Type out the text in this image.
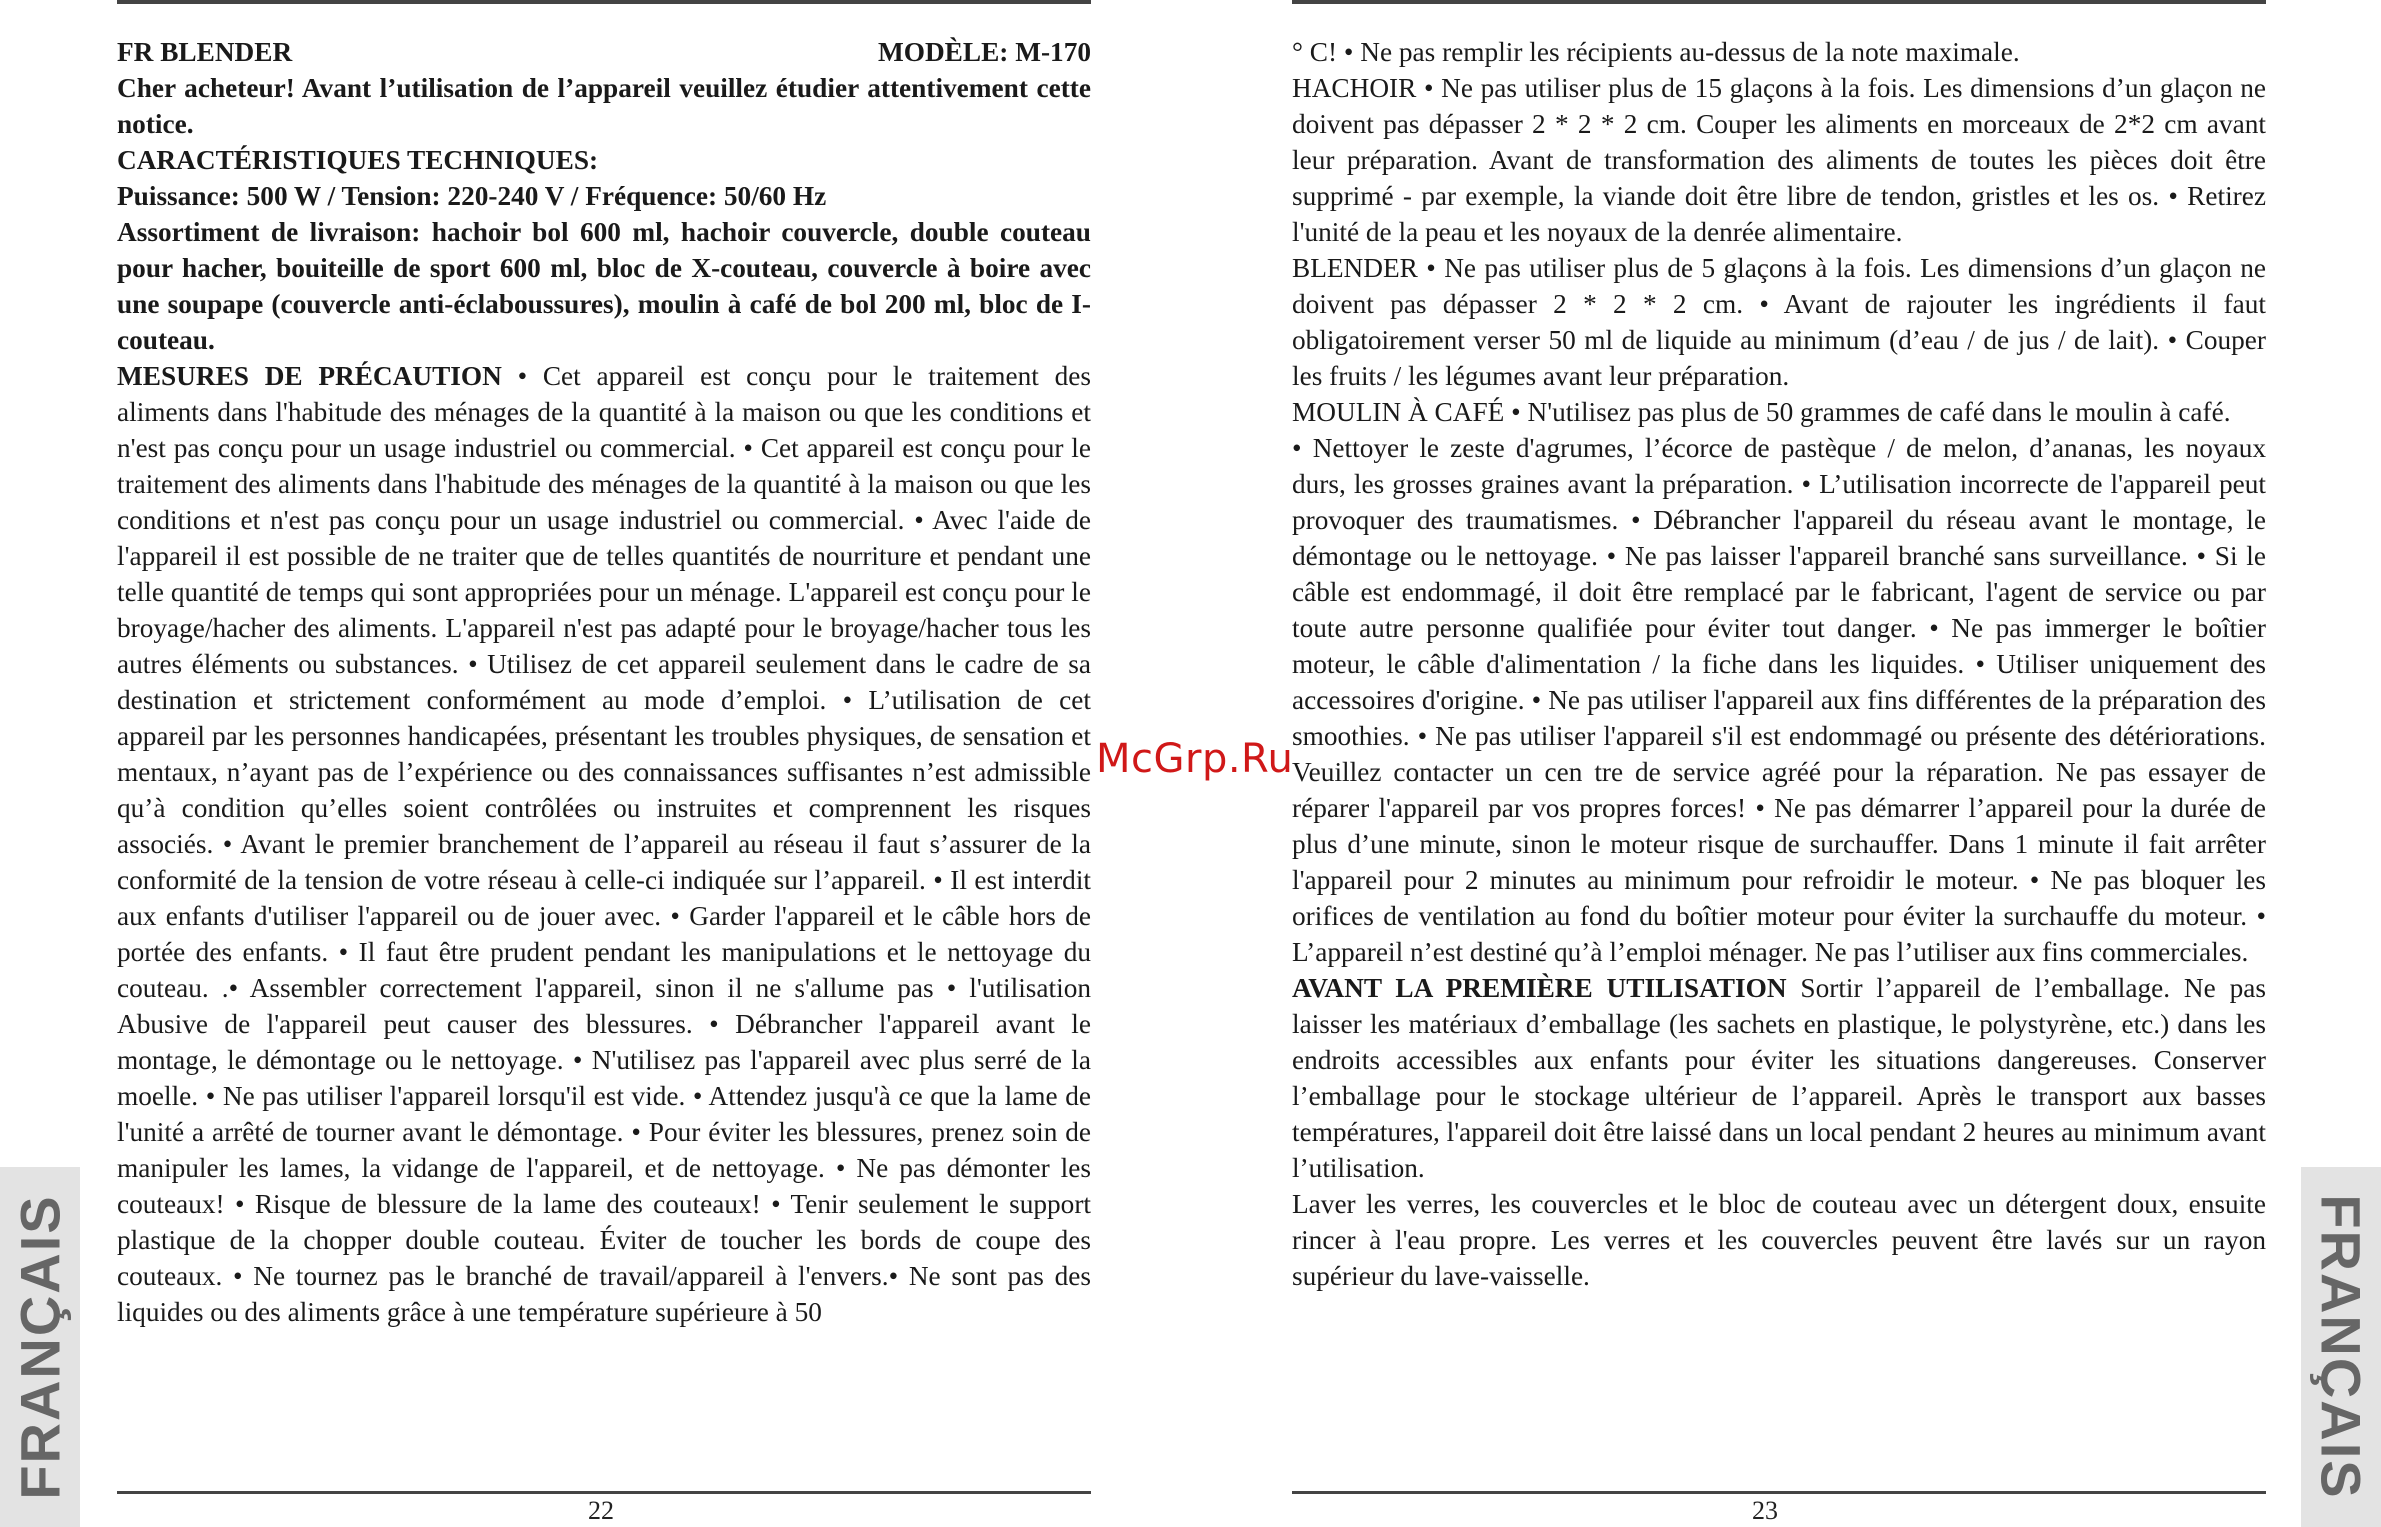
FR BLENDER	MODÈLE: M-170

Cher acheteur! Avant l’utilisation de l’appareil veuillez étudier attentivement cette notice.

CARACTÉRISTIQUES TECHNIQUES:

Puissance: 500 W / Tension: 220-240 V / Fréquence: 50/60 Hz

Assortiment de livraison: hachoir bol 600 ml, hachoir couvercle, double couteau pour hacher, bouiteille de sport 600 ml, bloc de X-couteau, couvercle à boire avec une soupape (couvercle anti-éclaboussures), moulin à café de bol 200 ml, bloc de I-couteau.

MESURES DE PRÉCAUTION • Cet appareil est conçu pour le traitement des aliments dans l'habitude des ménages de la quantité à la maison ou que les conditions et n'est pas conçu pour un usage industriel ou commercial. • Cet appareil est conçu pour le traitement des aliments dans l'habitude des ménages de la quantité à la maison ou que les conditions et n'est pas conçu pour un usage industriel ou commercial. • Avec l'aide de l'appareil il est possible de ne traiter que de telles quantités de nourriture et pendant une telle quantité de temps qui sont appropriées pour un ménage. L'appareil est conçu pour le broyage/hacher des aliments. L'appareil n'est pas adapté pour le broyage/hacher tous les autres éléments ou substances. • Utilisez de cet appareil seulement dans le cadre de sa destination et strictement conformément au mode d’emploi. • L’utilisation de cet appareil par les personnes handicapées, présentant les troubles physiques, de sensation et mentaux, n’ayant pas de l’expérience ou des connaissances suffisantes n’est admissible qu’à condition qu’elles soient contrôlées ou instruites et comprennent les risques associés. • Avant le premier branchement de l’appareil au réseau il faut s’assurer de la conformité de la tension de votre réseau à celle-ci indiquée sur l’appareil. • Il est interdit aux enfants d'utiliser l'appareil ou de jouer avec. • Garder l'appareil et le câble hors de portée des enfants. • Il faut être prudent pendant les manipulations et le nettoyage du couteau. .• Assembler correctement l'appareil, sinon il ne s'allume pas • l'utilisation Abusive de l'appareil peut causer des blessures. • Débrancher l'appareil avant le montage, le démontage ou le nettoyage. • N'utilisez pas l'appareil avec plus serré de la moelle. • Ne pas utiliser l'appareil lorsqu'il est vide. • Attendez jusqu'à ce que la lame de l'unité a arrêté de tourner avant le démontage. • Pour éviter les blessures, prenez soin de manipuler les lames, la vidange de l'appareil, et de nettoyage. • Ne pas démonter les couteaux! • Risque de blessure de la lame des couteaux! • Tenir seulement le support plastique de la chopper double couteau. Éviter de toucher les bords de coupe des couteaux. • Ne tournez pas le branché de travail/appareil à l'envers.• Ne sont pas des liquides ou des aliments grâce à une température supérieure à 50

° C! • Ne pas remplir les récipients au-dessus de la note maximale.

HACHOIR • Ne pas utiliser plus de 15 glaçons à la fois. Les dimensions d’un glaçon ne doivent pas dépasser 2 * 2 * 2 cm. Couper les aliments en morceaux de 2*2 cm avant leur préparation. Avant de transformation des aliments de toutes les pièces doit être supprimé - par exemple, la viande doit être libre de tendon, gristles et les os. • Retirez l'unité de la peau et les noyaux de la denrée alimentaire.

BLENDER • Ne pas utiliser plus de 5 glaçons à la fois. Les dimensions d’un glaçon ne doivent pas dépasser 2 * 2 * 2 cm. • Avant de rajouter les ingrédients il faut obligatoirement verser 50 ml de liquide au minimum (d’eau / de jus / de lait). • Couper les fruits / les légumes avant leur préparation.

MOULIN À CAFÉ • N'utilisez pas plus de 50 grammes de café dans le moulin à café.

• Nettoyer le zeste d'agrumes, l’écorce de pastèque / de melon, d’ananas, les noyaux durs, les grosses graines avant la préparation. • L’utilisation incorrecte de l'appareil peut provoquer des traumatismes. • Débrancher l'appareil du réseau avant le montage, le démontage ou le nettoyage. • Ne pas laisser l'appareil branché sans surveillance. • Si le câble est endommagé, il doit être remplacé par le fabricant, l'agent de service ou par toute autre personne qualifiée pour éviter tout danger. • Ne pas immerger le boîtier moteur, le câble d'alimentation / la fiche dans les liquides. • Utiliser uniquement des accessoires d'origine. • Ne pas utiliser l'appareil aux fins différentes de la préparation des smoothies. • Ne pas utiliser l'appareil s'il est endommagé ou présente des détériorations. Veuillez contacter un cen tre de service agréé pour la réparation. Ne pas essayer de réparer l'appareil par vos propres forces! • Ne pas démarrer l’appareil pour la durée de plus d’une minute, sinon le moteur risque de surchauffer. Dans 1 minute il fait arrêter l'appareil pour 2 minutes au minimum pour refroidir le moteur. • Ne pas bloquer les orifices de ventilation au fond du boîtier moteur pour éviter la surchauffe du moteur. • L’appareil n’est destiné qu’à l’emploi ménager. Ne pas l’utiliser aux fins commerciales.

AVANT LA PREMIÈRE UTILISATION Sortir l’appareil de l’emballage. Ne pas laisser les matériaux d’emballage (les sachets en plastique, le polystyrène, etc.) dans les endroits accessibles aux enfants pour éviter les situations dangereuses. Conserver l’emballage pour le stockage ultérieur de l’appareil. Après le transport aux basses températures, l'appareil doit être laissé dans un local pendant 2 heures au minimum avant l’utilisation.

Laver les verres, les couvercles et le bloc de couteau avec un détergent doux, ensuite rincer à l'eau propre. Les verres et les couvercles peuvent être lavés sur un rayon supérieur du lave-vaisselle.

22	23
FRANÇAIS	FRANÇAIS
McGrp.Ru
